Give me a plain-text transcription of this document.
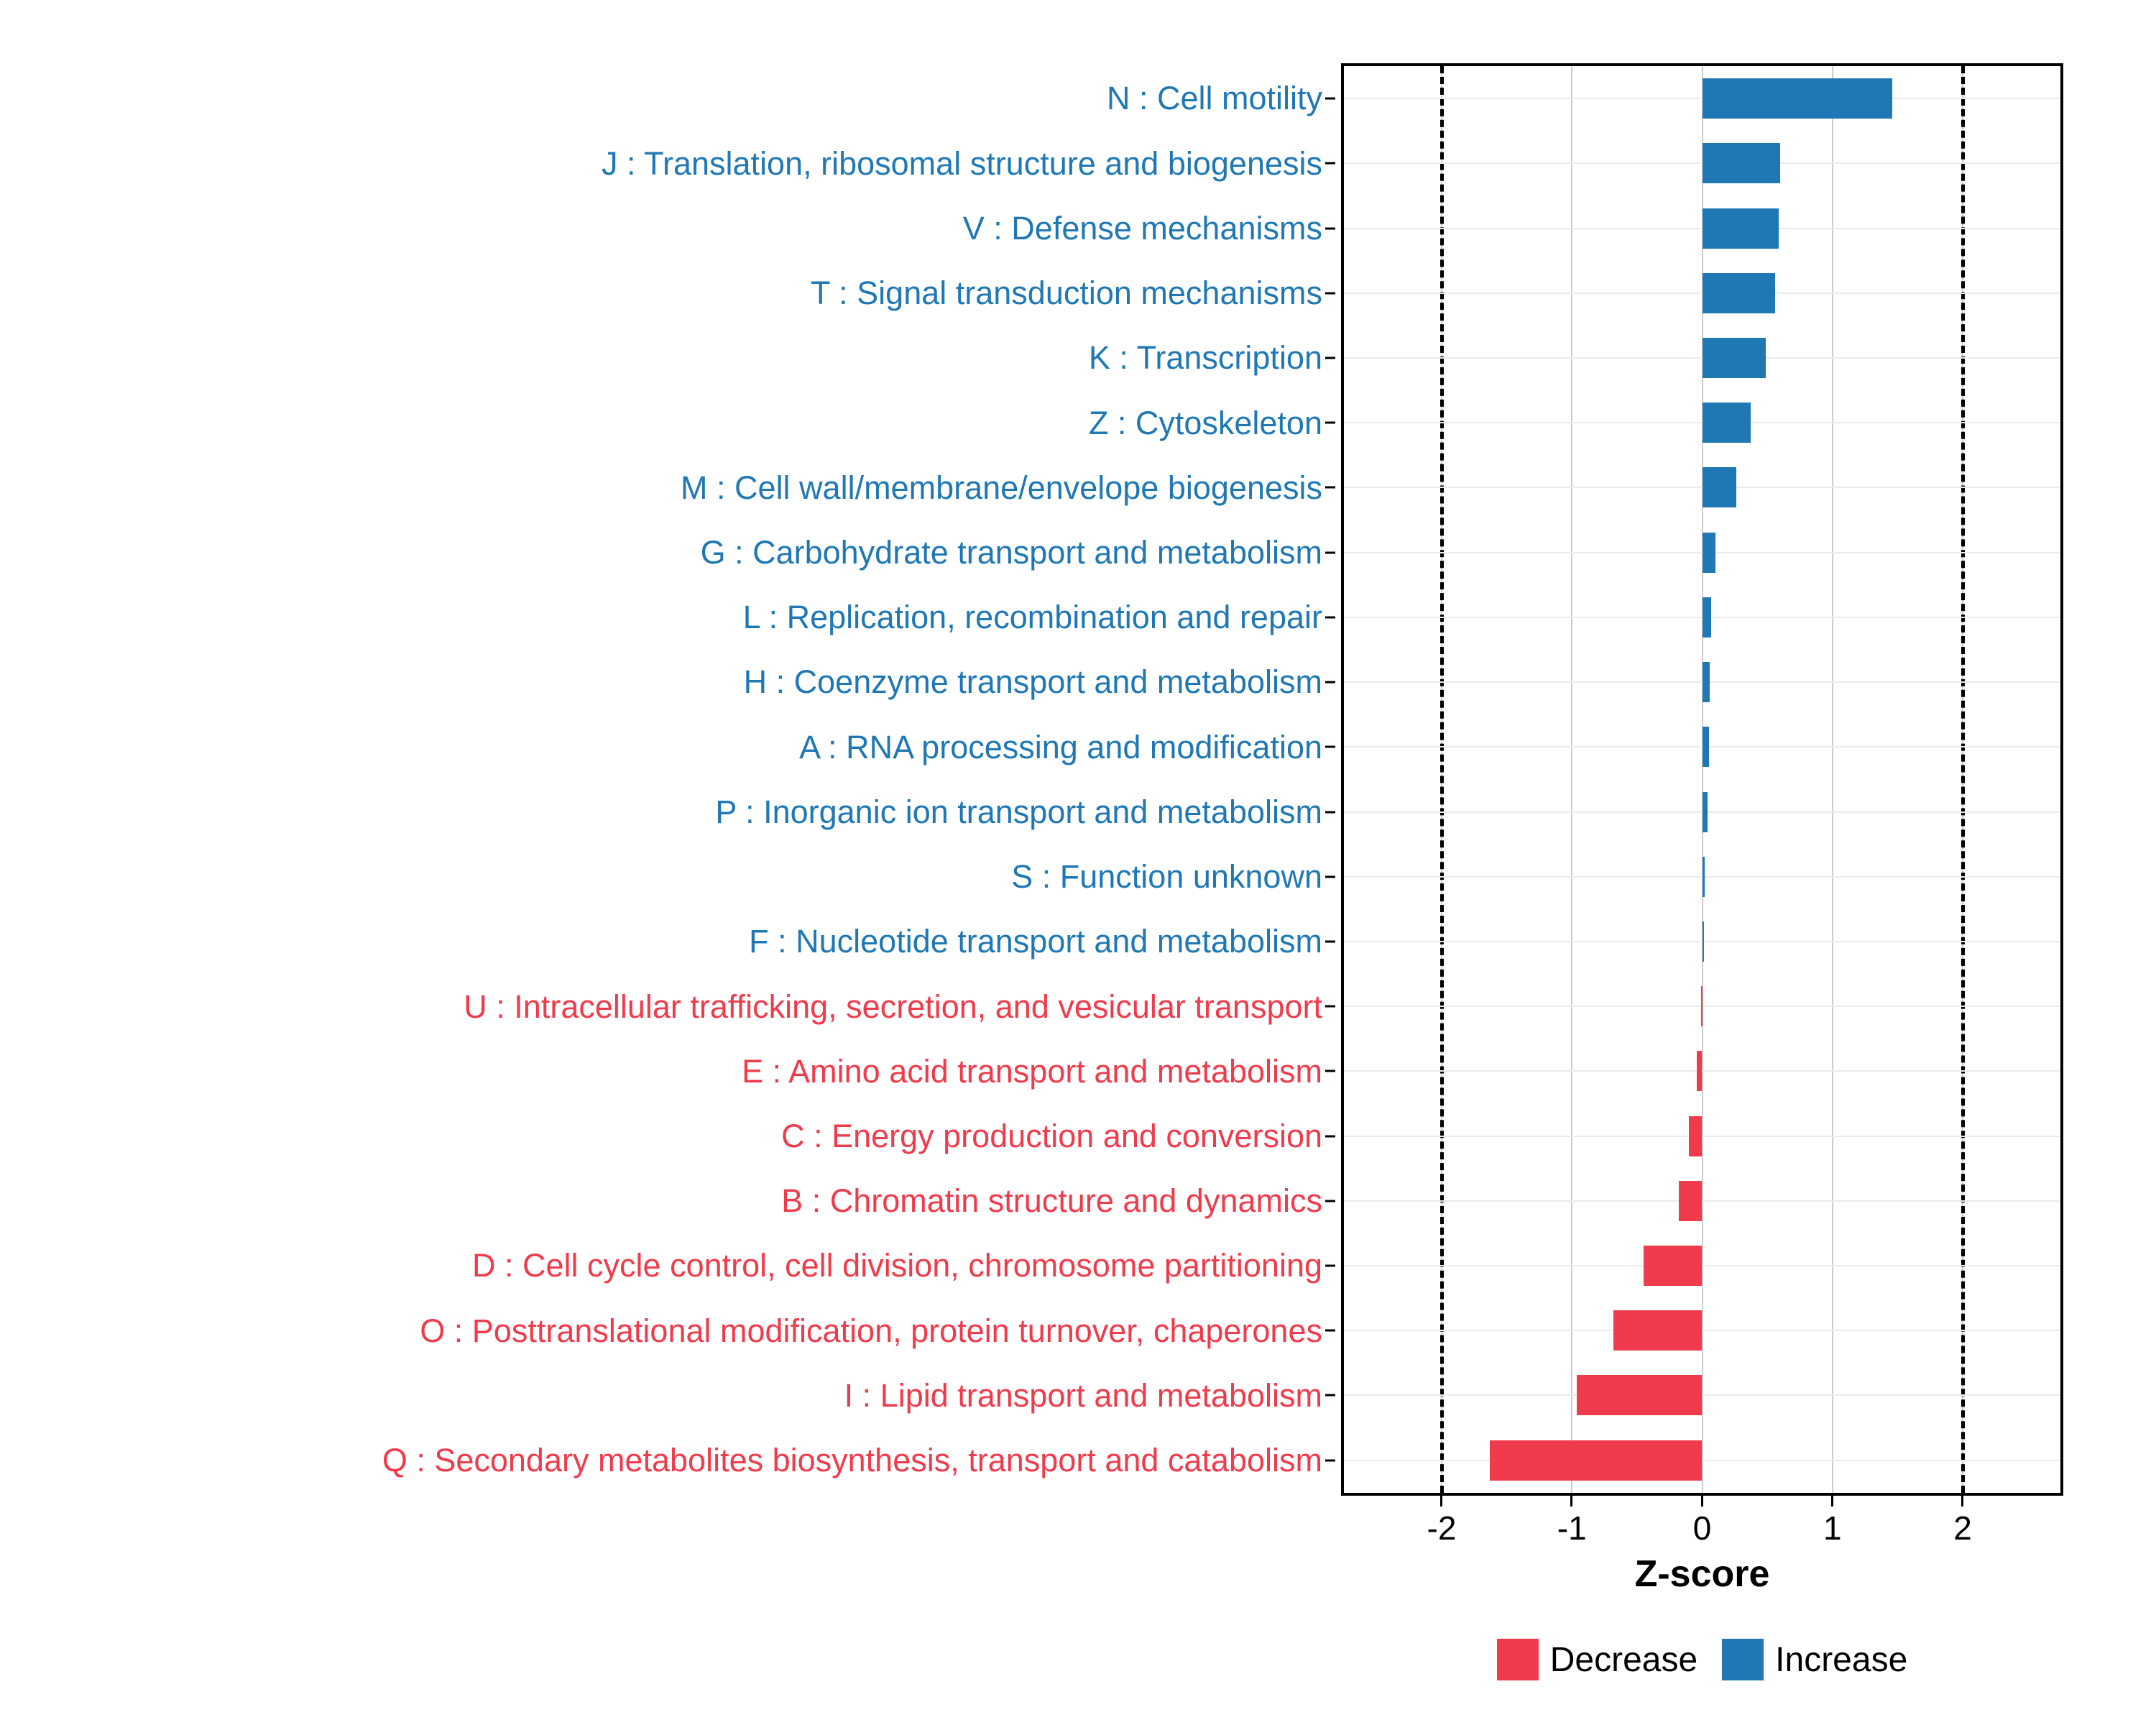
N : Cell motility
J : Translation, ribosomal structure and biogenesis
V : Defense mechanisms
T : Signal transduction mechanisms
K : Transcription
Z : Cytoskeleton
M : Cell wall/membrane/envelope biogenesis
G : Carbohydrate transport and metabolism
L : Replication, recombination and repair
H : Coenzyme transport and metabolism
A : RNA processing and modification
P : Inorganic ion transport and metabolism
S : Function unknown
F : Nucleotide transport and metabolism
U : Intracellular trafficking, secretion, and vesicular transport
E : Amino acid transport and metabolism
C : Energy production and conversion
B : Chromatin structure and dynamics
D : Cell cycle control, cell division, chromosome partitioning
O : Posttranslational modification, protein turnover, chaperones
I : Lipid transport and metabolism
Q : Secondary metabolites biosynthesis, transport and catabolism
-2	-1	0	1	2
Z-score
Decrease Increase
